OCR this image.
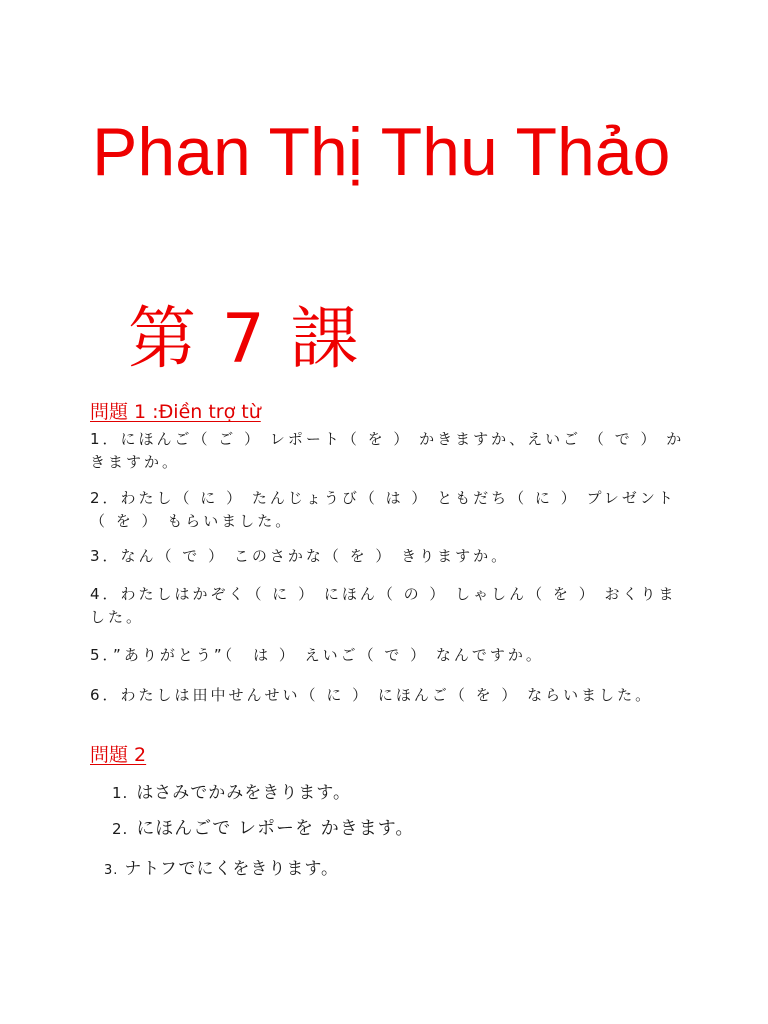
Phan Thị Thu Thảo
第 7 課
問題 1 :Điền trợ từ
1．にほんご（ ご ） レポート（ を ） かきますか、えいご （ で ） かきますか。
2．わたし（ に ） たんじょうび（ は ） ともだち（ に ） プレゼント（ を ） もらいました。
3．なん（ で ） このさかな（ を ） きりますか。
4．わたしはかぞく（ に ） にほん（ の ） しゃしん（ を ） おくりました。
5．”ありがとう”（　は ） えいご（ で ） なんですか。
6．わたしは田中せんせい（ に ） にほんご（ を ） ならいました。
問題 2
1. はさみでかみをきります。
2. にほんごで レポーを かきます。
3. ナトフでにくをきります。
